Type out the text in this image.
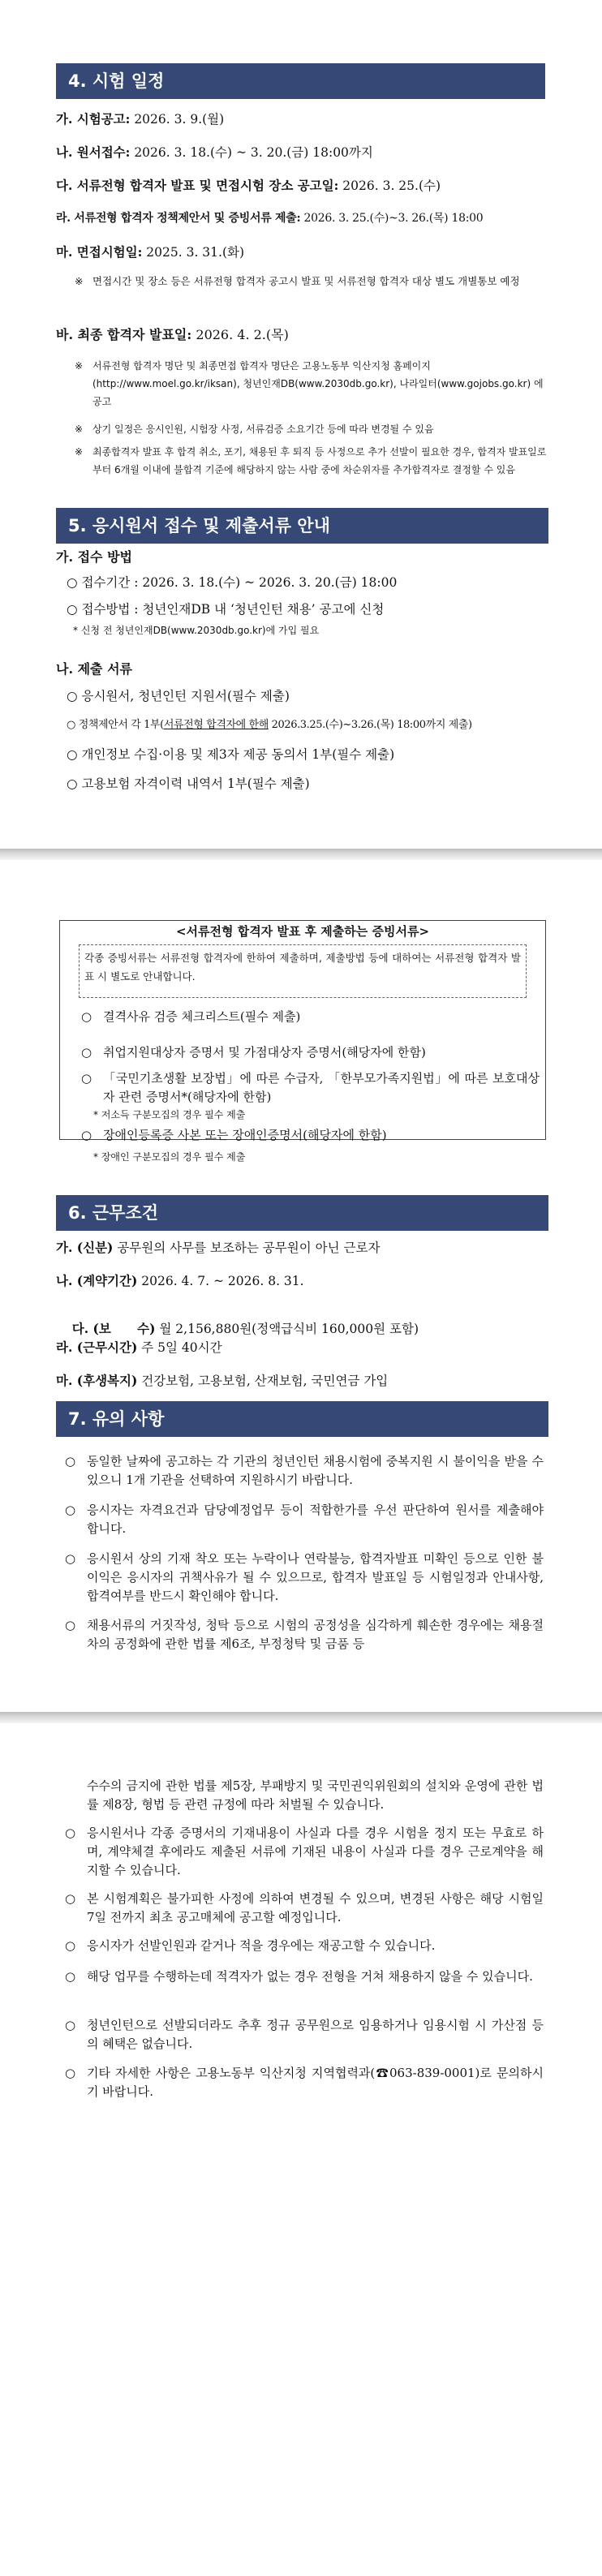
4. 시험 일정
가. 시험공고: 2026. 3. 9.(월)
나. 원서접수: 2026. 3. 18.(수) ~ 3. 20.(금) 18:00까지
다. 서류전형 합격자 발표 및 면접시험 장소 공고일: 2026. 3. 25.(수)
라. 서류전형 합격자 정책제안서 및 증빙서류 제출: 2026. 3. 25.(수)~3. 26.(목) 18:00
마. 면접시험일: 2025. 3. 31.(화)
※ 면접시간 및 장소 등은 서류전형 합격자 공고시 발표 및 서류전형 합격자 대상 별도 개별통보 예정
바. 최종 합격자 발표일: 2026. 4. 2.(목)
※ 서류전형 합격자 명단 및 최종면접 합격자 명단은 고용노동부 익산지청 홈페이지 (http://www.moel.go.kr/iksan), 청년인재DB(www.2030db.go.kr), 나라일터(www.gojobs.go.kr) 에 공고
※ 상기 일정은 응시인원, 시험장 사정, 서류검증 소요기간 등에 따라 변경될 수 있음
※ 최종합격자 발표 후 합격 취소, 포기, 채용된 후 퇴직 등 사정으로 추가 선발이 필요한 경우, 합격자 발표일로부터 6개월 이내에 불합격 기준에 해당하지 않는 사람 중에 차순위자를 추가합격자로 결정할 수 있음
5. 응시원서 접수 및 제출서류 안내
가. 접수 방법
○ 접수기간 : 2026. 3. 18.(수) ~ 2026. 3. 20.(금) 18:00
○ 접수방법 : 청년인재DB 내 ‘청년인턴 채용’ 공고에 신청
* 신청 전 청년인재DB(www.2030db.go.kr)에 가입 필요
나. 제출 서류
○ 응시원서, 청년인턴 지원서(필수 제출)
○ 정책제안서 각 1부(서류전형 합격자에 한해 2026.3.25.(수)~3.26.(목) 18:00까지 제출)
○ 개인정보 수집·이용 및 제3자 제공 동의서 1부(필수 제출)
○ 고용보험 자격이력 내역서 1부(필수 제출)
<서류전형 합격자 발표 후 제출하는 증빙서류>
각종 증빙서류는 서류전형 합격자에 한하여 제출하며, 제출방법 등에 대하여는 서류전형 합격자 발표 시 별도로 안내합니다.
○ 결격사유 검증 체크리스트(필수 제출)
○ 취업지원대상자 증명서 및 가점대상자 증명서(해당자에 한함)
○ 「국민기초생활 보장법」에 따른 수급자, 「한부모가족지원법」에 따른 보호대상자 관련 증명서*(해당자에 한함)
* 저소득 구분모집의 경우 필수 제출
○ 장애인등록증 사본 또는 장애인증명서(해당자에 한함)
* 장애인 구분모집의 경우 필수 제출
6. 근무조건
가. (신분) 공무원의 사무를 보조하는 공무원이 아닌 근로자
나. (계약기간) 2026. 4. 7. ~ 2026. 8. 31.

다. (보      수) 월 2,156,880원(정액급식비 160,000원 포함)

라. (근무시간) 주 5일 40시간
마. (후생복지) 건강보험, 고용보험, 산재보험, 국민연금 가입
7. 유의 사항
○ 동일한 날짜에 공고하는 각 기관의 청년인턴 채용시험에 중복지원 시 불이익을 받을 수 있으니 1개 기관을 선택하여 지원하시기 바랍니다.
○ 응시자는 자격요건과 담당예정업무 등이 적합한가를 우선 판단하여 원서를 제출해야 합니다.
○ 응시원서 상의 기재 착오 또는 누락이나 연락불능, 합격자발표 미확인 등으로 인한 불이익은 응시자의 귀책사유가 될 수 있으므로, 합격자 발표일 등 시험일정과 안내사항, 합격여부를 반드시 확인해야 합니다.
○ 채용서류의 거짓작성, 청탁 등으로 시험의 공정성을 심각하게 훼손한 경우에는 채용절차의 공정화에 관한 법률 제6조, 부정청탁 및 금품 등
수수의 금지에 관한 법률 제5장, 부패방지 및 국민권익위원회의 설치와 운영에 관한 법률 제8장, 형법 등 관련 규정에 따라 처벌될 수 있습니다.
○ 응시원서나 각종 증명서의 기재내용이 사실과 다를 경우 시험을 정지 또는 무효로 하며, 계약체결 후에라도 제출된 서류에 기재된 내용이 사실과 다를 경우 근로계약을 해지할 수 있습니다.
○ 본 시험계획은 불가피한 사정에 의하여 변경될 수 있으며, 변경된 사항은 해당 시험일 7일 전까지 최초 공고매체에 공고할 예정입니다.
○ 응시자가 선발인원과 같거나 적을 경우에는 재공고할 수 있습니다.
○ 해당 업무를 수행하는데 적격자가 없는 경우 전형을 거쳐 채용하지 않을 수 있습니다.
○ 청년인턴으로 선발되더라도 추후 정규 공무원으로 임용하거나 임용시험 시 가산점 등의 혜택은 없습니다.
○ 기타 자세한 사항은 고용노동부 익산지청 지역협력과(☎063-839-0001)로 문의하시기 바랍니다.
